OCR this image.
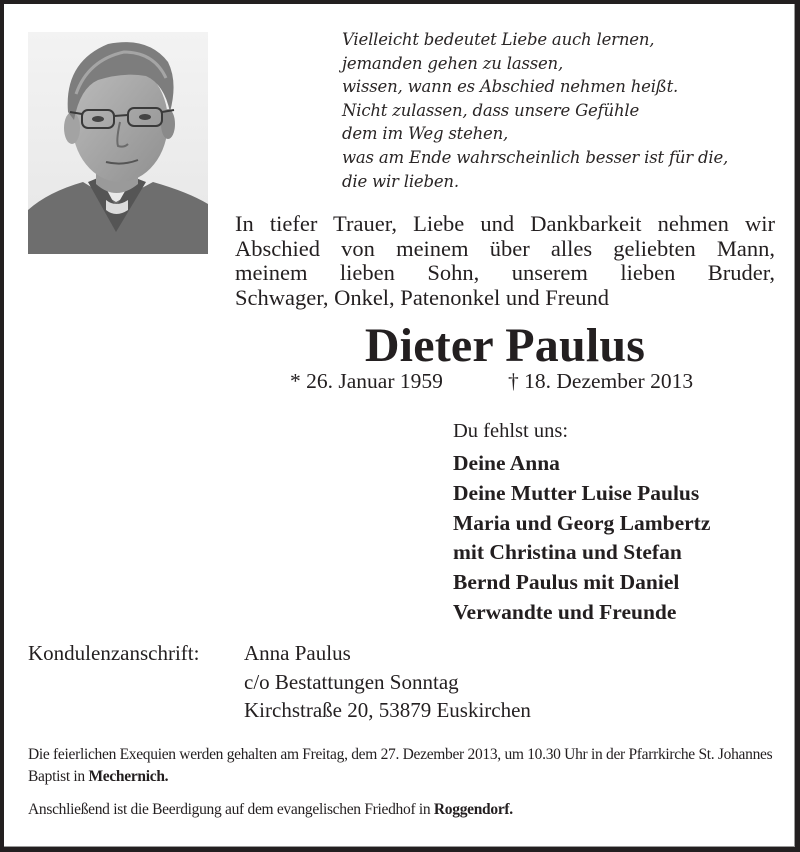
Vielleicht bedeutet Liebe auch lernen,
jemanden gehen zu lassen,
wissen, wann es Abschied nehmen heißt.
Nicht zulassen, dass unsere Gefühle
dem im Weg stehen,
was am Ende wahrscheinlich besser ist für die,
die wir lieben.
In tiefer Trauer, Liebe und Dankbarkeit nehmen wir
Abschied von meinem über alles geliebten Mann,
meinem lieben Sohn, unserem lieben Bruder,
Schwager, Onkel, Patenonkel und Freund
Dieter Paulus
* 26. Januar 1959	† 18. Dezember 2013
Du fehlst uns:
Deine Anna
Deine Mutter Luise Paulus
Maria und Georg Lambertz
mit Christina und Stefan
Bernd Paulus mit Daniel
Verwandte und Freunde
Kondulenzanschrift: Anna Paulus
c/o Bestattungen Sonntag
Kirchstraße 20, 53879 Euskirchen

Die feierlichen Exequien werden gehalten am Freitag, dem 27. Dezember 2013, um 10.30 Uhr in der Pfarrkirche St. Johannes Baptist in Mechernich.

Anschließend ist die Beerdigung auf dem evangelischen Friedhof in Roggendorf.
